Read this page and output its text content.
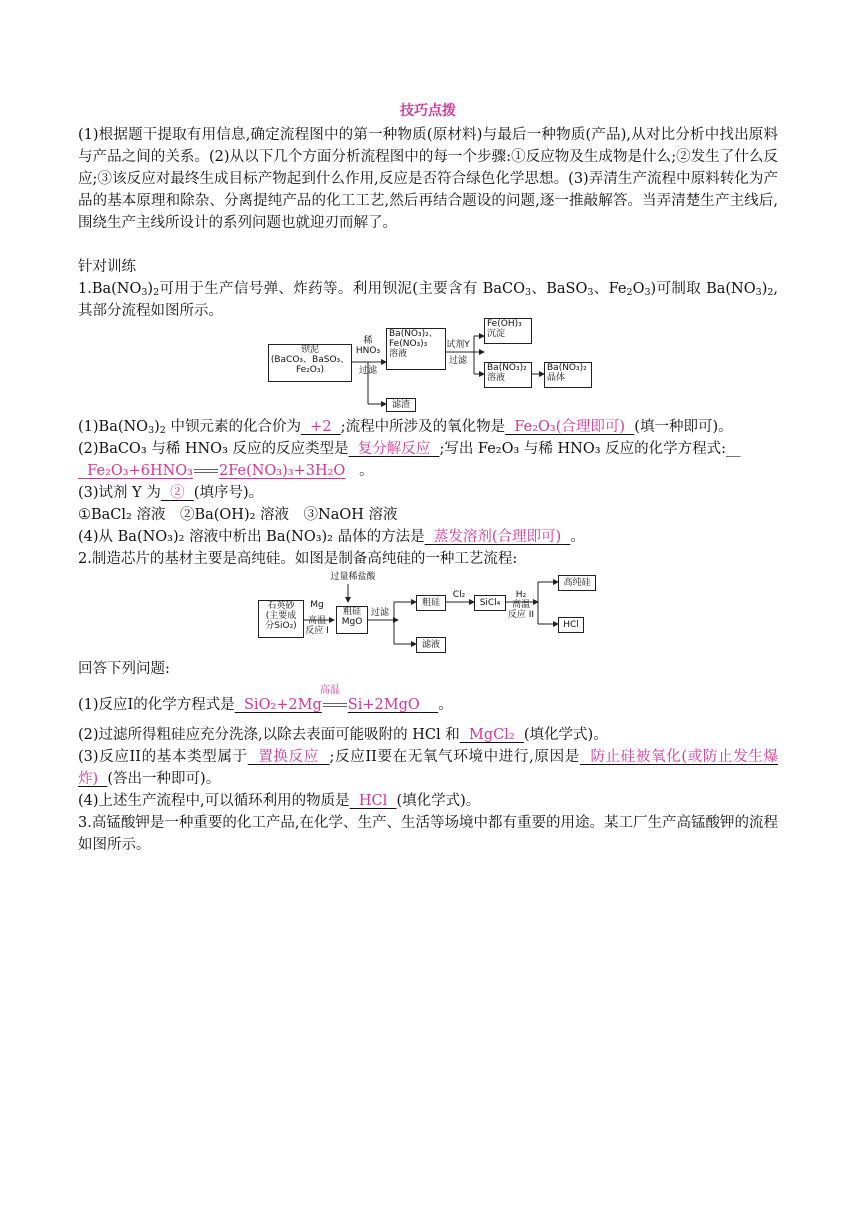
技巧点拨

(1)根据题干提取有用信息,确定流程图中的第一种物质(原材料)与最后一种物质(产品),从对比分析中找出原料与产品之间的关系。(2)从以下几个方面分析流程图中的每一个步骤:①反应物及生成物是什么;②发生了什么反应;③该反应对最终生成目标产物起到什么作用,反应是否符合绿色化学思想。(3)弄清生产流程中原料转化为产品的基本原理和除杂、分离提纯产品的化工工艺,然后再结合题设的问题,逐一推敲解答。当弄清楚生产主线后,围绕生产主线所设计的系列问题也就迎刃而解了。

针对训练

$1.Ba(NO_3)_2$可用于生产信号弹、炸药等。利用钡泥(主要含有 BaCO$_3$、BaSO$_3$、$Fe_2O_3$)可制取 $Ba(NO_3)_2$,其部分流程如图所示。

钡泥
(BaCO₃、BaSO₃、
Fe₂O₃)
稀
HNO₃
过滤
Ba(NO₃)₂、
Fe(NO₃)₃
溶液
试剂Y
过滤
Fe(OH)₃
沉淀
Ba(NO₃)₂
溶液
Ba(NO₃)₂
晶体
滤渣

$(1)Ba(NO_3)_2$ 中钡元素的化合价为 +2 ;流程中所涉及的氧化物是 Fe₂O₃(合理即可) (填一种即可)。

(2)BaCO₃ 与稀 HNO₃ 反应的反应类型是 复分解反应 ;写出 Fe₂O₃ 与稀 HNO₃ 反应的化学方程式:__
Fe₂O₃+6HNO₃ 2Fe(NO₃)₃+3H₂O 。

(3)试剂 Y 为 ② (填序号)。

①BaCl₂ 溶液　②Ba(OH)₂ 溶液　③NaOH 溶液

(4)从 Ba(NO₃)₂ 溶液中析出 Ba(NO₃)₂ 晶体的方法是 蒸发溶剂(合理即可) 。

2.制造芯片的基材主要是高纯硅。如图是制备高纯硅的一种工艺流程:

过量稀盐酸
石英砂
(主要成
分SiO₂)
Mg
高温
反应 I
粗硅
MgO
过滤
粗硅
Cl₂
SiCl₄
H₂
高温
反应 II
高纯硅
HCl
滤液

回答下列问题:

(1)反应I的化学方程式是 SiO₂+2Mg
高温
Si+2MgO 。

(2)过滤所得粗硅应充分洗涤,以除去表面可能吸附的 HCl 和 MgCl₂ (填化学式)。

(3)反应II的基本类型属于 置换反应 ;反应II要在无氧气环境中进行,原因是 防止硅被氧化(或防止发生爆炸) (答出一种即可)。

(4)上述生产流程中,可以循环利用的物质是 HCl (填化学式)。

3.高锰酸钾是一种重要的化工产品,在化学、生产、生活等场境中都有重要的用途。某工厂生产高锰酸钾的流程如图所示。
